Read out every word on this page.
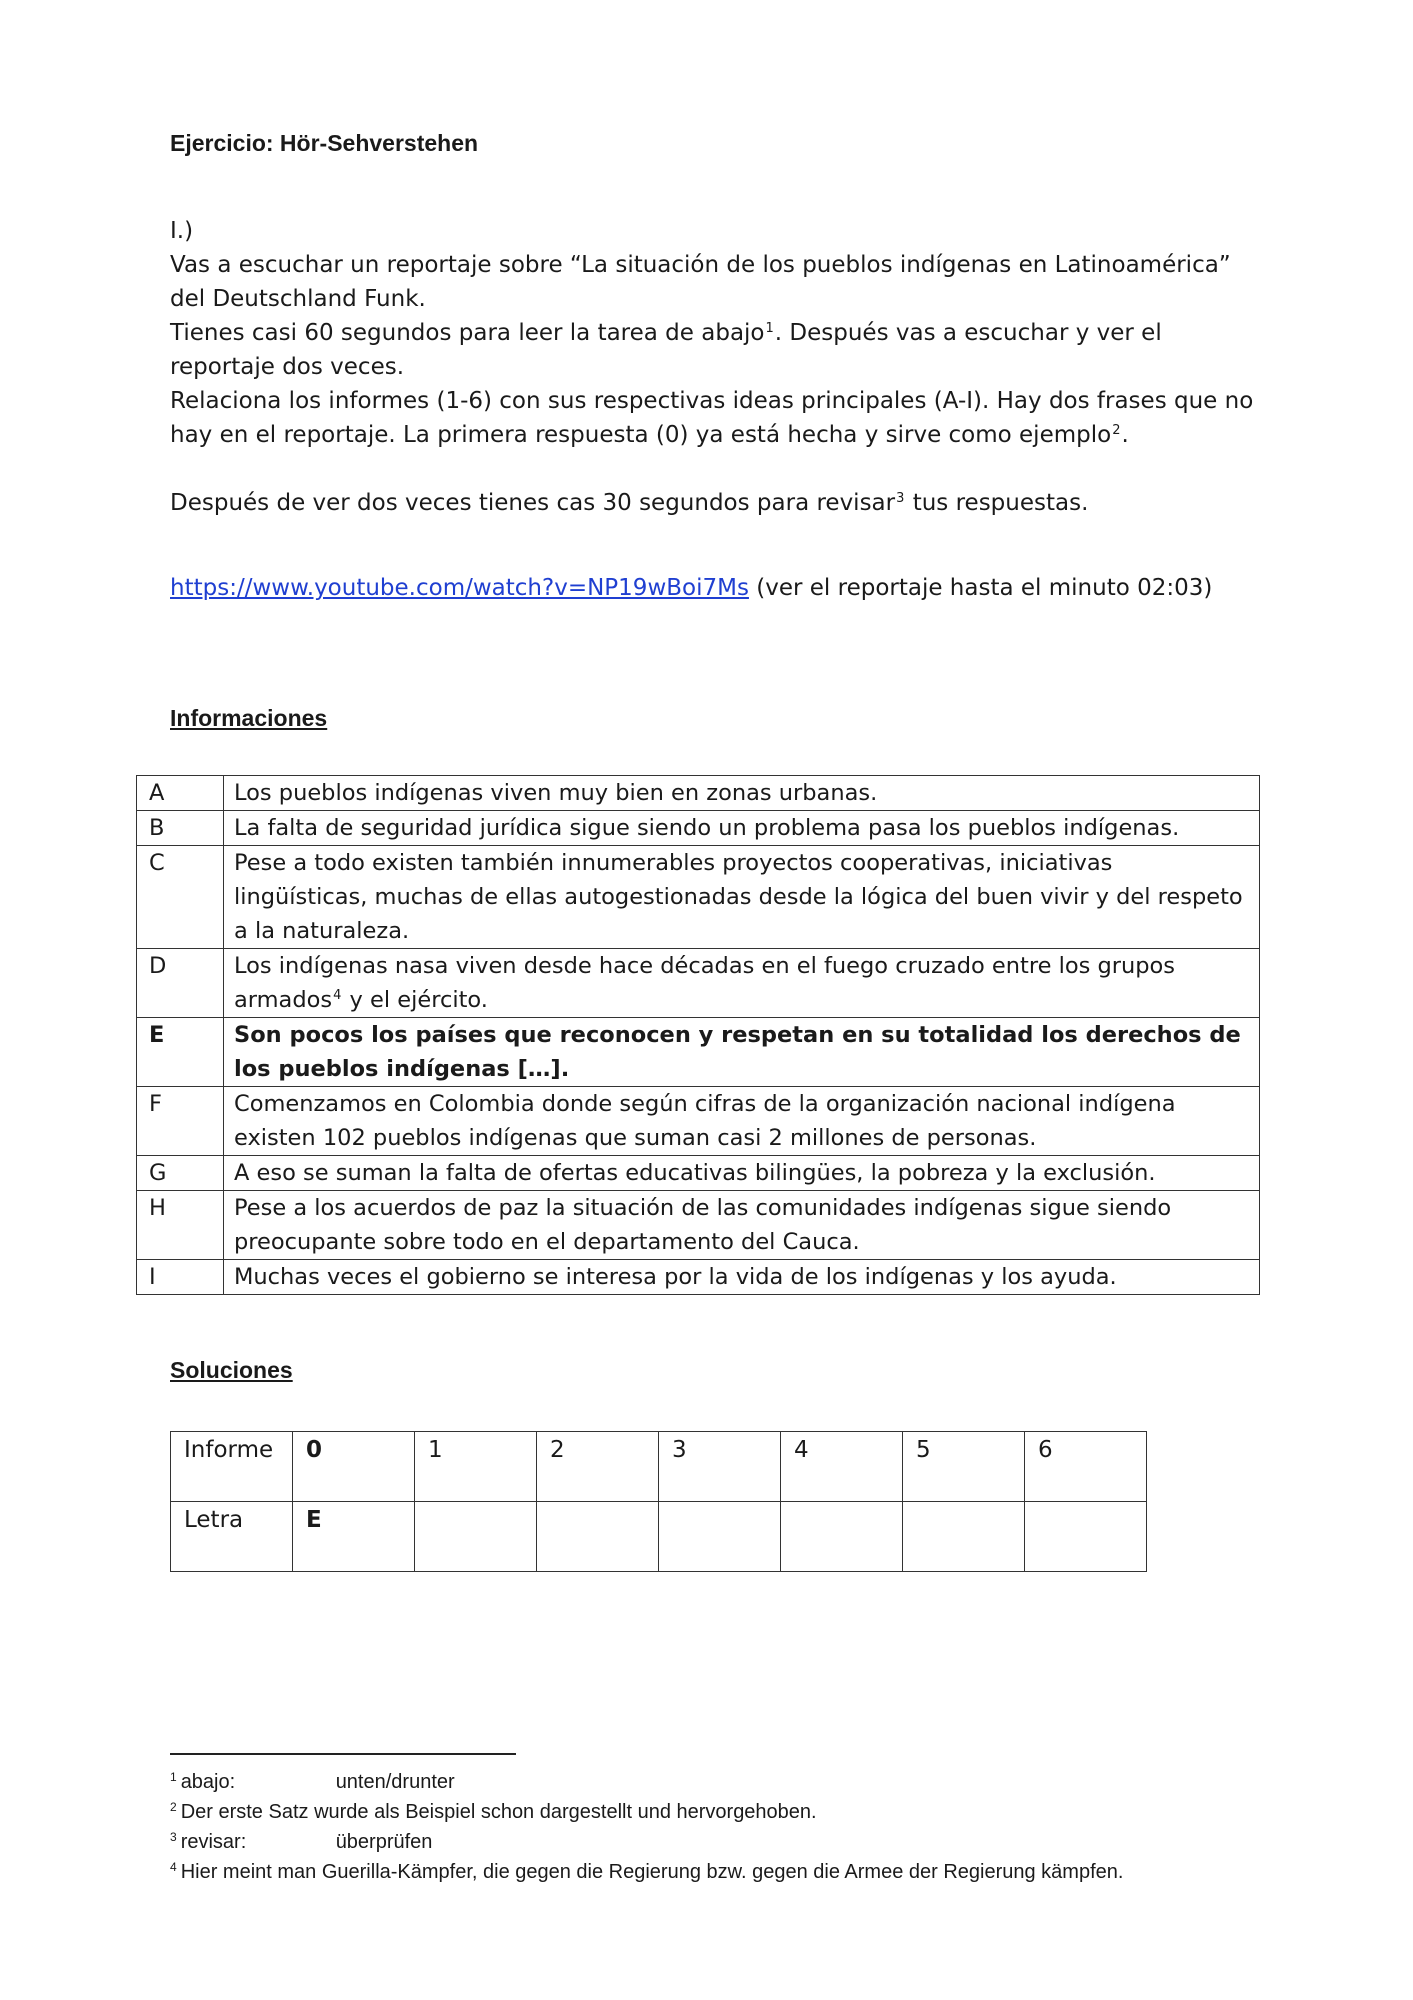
Ejercicio: Hör-Sehverstehen

I.)

Vas a escuchar un reportaje sobre “La situación de los pueblos indígenas en Latinoamérica” del Deutschland Funk.

Tienes casi 60 segundos para leer la tarea de abajo$^1$. Después vas a escuchar y ver el reportaje dos veces.

Relaciona los informes (1-6) con sus respectivas ideas principales (A-I). Hay dos frases que no hay en el reportaje. La primera respuesta (0) ya está hecha y sirve como ejemplo$^2$.

Después de ver dos veces tienes cas 30 segundos para revisar$^3$ tus respuestas.

https://www.youtube.com/watch?v=NP19wBoi7Ms (ver el reportaje hasta el minuto 02:03)
Informaciones
A	Los pueblos indígenas viven muy bien en zonas urbanas.
B	La falta de seguridad jurídica sigue siendo un problema pasa los pueblos indígenas.
C	Pese a todo existen también innumerables proyectos cooperativas, iniciativas lingüísticas, muchas de ellas autogestionadas desde la lógica del buen vivir y del respeto a la naturaleza.
D	Los indígenas nasa viven desde hace décadas en el fuego cruzado entre los grupos armados$^4$ y el ejército.
E	Son pocos los países que reconocen y respetan en su totalidad los derechos de los pueblos indígenas […].
F	Comenzamos en Colombia donde según cifras de la organización nacional indígena existen 102 pueblos indígenas que suman casi 2 millones de personas.
G	A eso se suman la falta de ofertas educativas bilingües, la pobreza y la exclusión.
H	Pese a los acuerdos de paz la situación de las comunidades indígenas sigue siendo preocupante sobre todo en el departamento del Cauca.
I	Muchas veces el gobierno se interesa por la vida de los indígenas y los ayuda.
Soluciones
Informe	0	1	2	3	4	5	6
Letra	E						
$^1$ abajo:	unten/drunter
$^2$ Der erste Satz wurde als Beispiel schon dargestellt und hervorgehoben.
$^3$ revisar:	überprüfen
$^4$ Hier meint man Guerilla-Kämpfer, die gegen die Regierung bzw. gegen die Armee der Regierung kämpfen.
